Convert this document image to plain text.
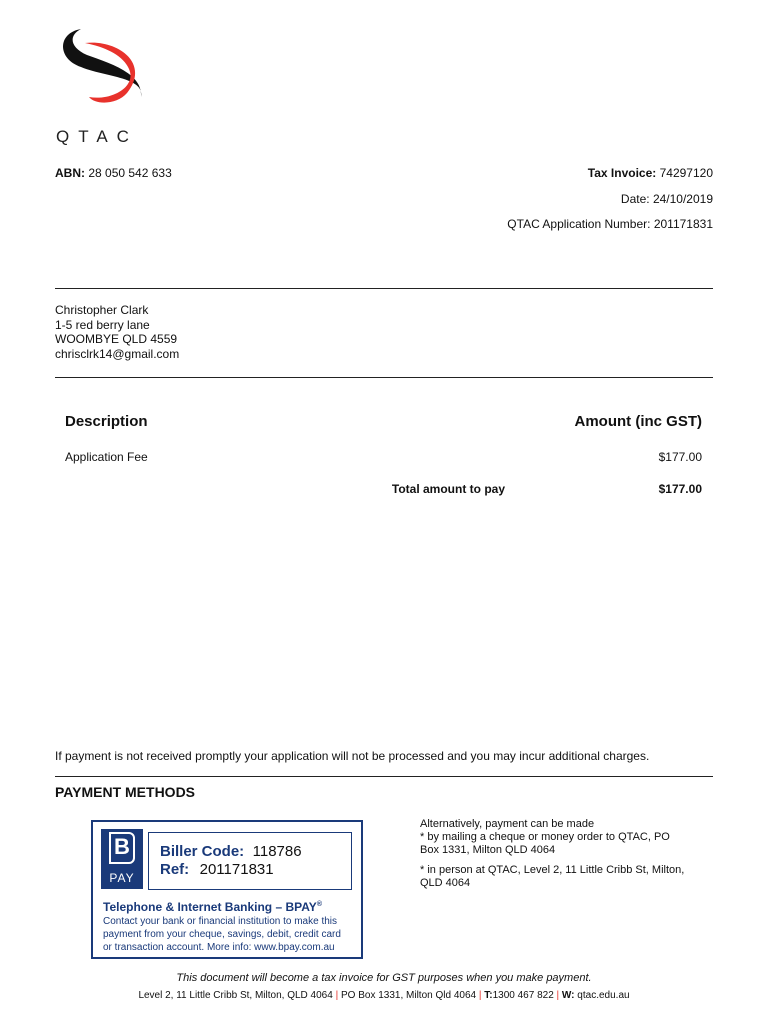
QTAC
ABN: 28 050 542 633	Tax Invoice: 74297120
Date: 24/10/2019
QTAC Application Number: 201171831
Christopher Clark
1-5 red berry lane
WOOMBYE QLD 4559
chrisclrk14@gmail.com
Description	Amount (inc GST)
Application Fee	$177.00
Total amount to pay	$177.00
If payment is not received promptly your application will not be processed and you may incur additional charges.
PAYMENT METHODS
B
PAY
Biller Code: 118786
Ref: 201171831
Telephone & Internet Banking – BPAY®
Contact your bank or financial institution to make this
payment from your cheque, savings, debit, credit card
or transaction account. More info: www.bpay.com.au
Alternatively, payment can be made
* by mailing a cheque or money order to QTAC, PO
Box 1331, Milton QLD 4064
* in person at QTAC, Level 2, 11 Little Cribb St, Milton,
QLD 4064
This document will become a tax invoice for GST purposes when you make payment.
Level 2, 11 Little Cribb St, Milton, QLD 4064 | PO Box 1331, Milton Qld 4064 | T:1300 467 822 | W: qtac.edu.au
